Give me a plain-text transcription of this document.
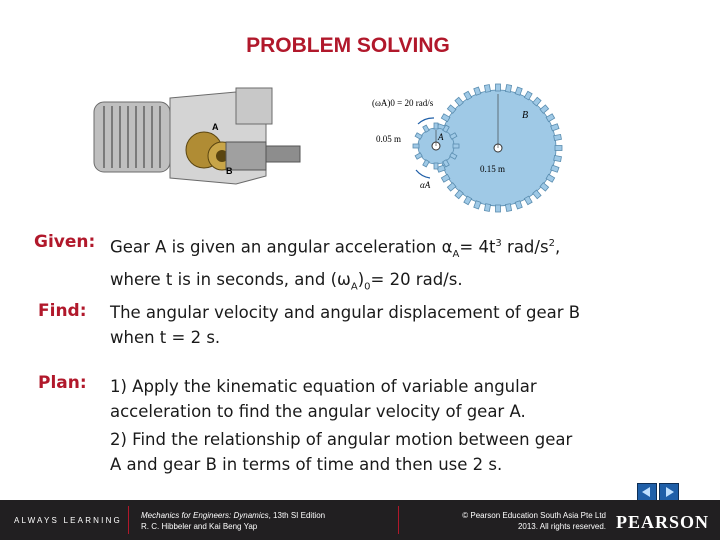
PROBLEM SOLVING
A
B
(ωA)0 = 20 rad/s
0.05 m
0.15 m
A
B
αA
Given: Gear A is given an angular acceleration $\alpha_A= 4t^3$ rad/$s^2$,
where t is in seconds, and $(\omega_A)_0= 20$ rad/s.
Find: The angular velocity and angular displacement of gear B
when t = 2 s.
Plan: 1) Apply the kinematic equation of variable angular
acceleration to find the angular velocity of gear A.
2) Find the relationship of angular motion between gear
A and gear B in terms of time and then use 2 s.
ALWAYS LEARNING
Mechanics for Engineers: Dynamics, 13th SI Edition
R. C. Hibbeler and Kai Beng Yap
© Pearson Education South Asia Pte Ltd
2013. All rights reserved. PEARSON
